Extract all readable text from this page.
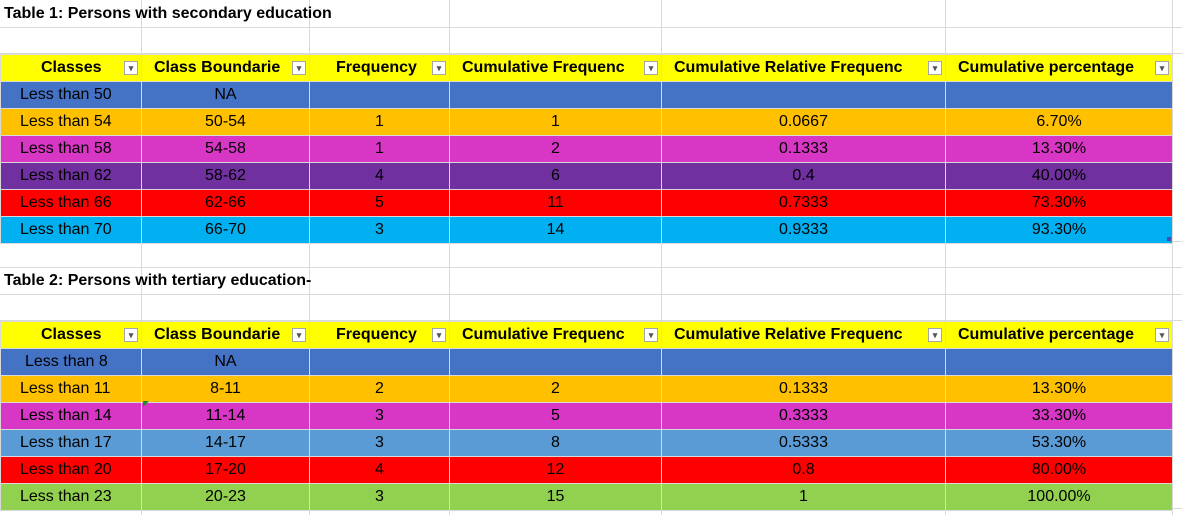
Table 1: Persons with secondary education
Classes ▾	Class Boundarie ▾	Frequency ▾	Cumulative Frequenc ▾	Cumulative Relative Frequenc ▾	Cumulative percentage ▾

Less than 50	NA				
Less than 54	50-54	1	1	0.0667	6.70%
Less than 58	54-58	1	2	0.1333	13.30%
Less than 62	58-62	4	6	0.4	40.00%
Less than 66	62-66	5	11	0.7333	73.30%
Less than 70	66-70	3	14	0.9333	93.30%
Table 2: Persons with tertiary education-
Classes ▾	Class Boundarie ▾	Frequency ▾	Cumulative Frequenc ▾	Cumulative Relative Frequenc ▾	Cumulative percentage ▾

Less than 8	NA				
Less than 11	8-11	2	2	0.1333	13.30%
Less than 14	11-14	3	5	0.3333	33.30%
Less than 17	14-17	3	8	0.5333	53.30%
Less than 20	17-20	4	12	0.8	80.00%
Less than 23	20-23	3	15	1	100.00%
